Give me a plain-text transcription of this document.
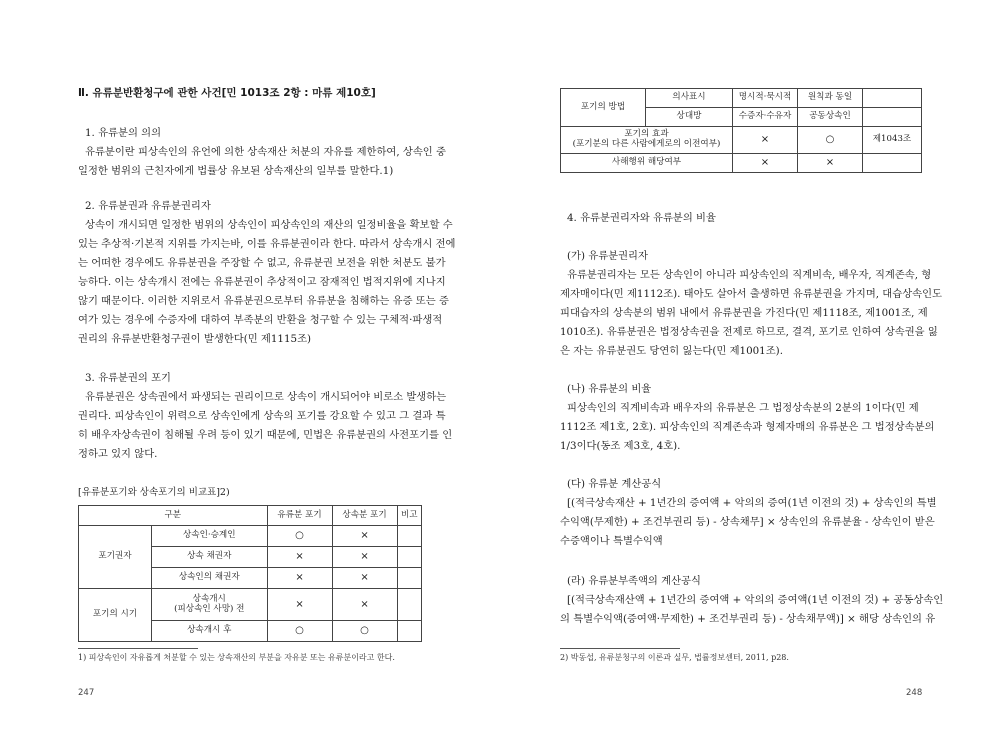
Ⅱ. 유류분반환청구에 관한 사건[민 1013조 2항 : 마류 제10호]
1. 유류분의 의의
유류분이란 피상속인의 유언에 의한 상속재산 처분의 자유를 제한하여, 상속인 중
일정한 범위의 근친자에게 법률상 유보된 상속재산의 일부를 말한다.1)
2. 유류분권과 유류분권리자
상속이 개시되면 일정한 범위의 상속인이 피상속인의 재산의 일정비율을 확보할 수
있는 추상적·기본적 지위를 가지는바, 이를 유류분권이라 한다. 따라서 상속개시 전에
는 어떠한 경우에도 유류분권을 주장할 수 없고, 유류분권 보전을 위한 처분도 불가
능하다. 이는 상속개시 전에는 유류분권이 추상적이고 잠재적인 법적지위에 지나지
않기 때문이다. 이러한 지위로서 유류분권으로부터 유류분을 침해하는 유증 또는 증
여가 있는 경우에 수증자에 대하여 부족분의 반환을 청구할 수 있는 구체적·파생적
권리의 유류분반환청구권이 발생한다(민 제1115조)
3. 유류분권의 포기
유류분권은 상속권에서 파생되는 권리이므로 상속이 개시되어야 비로소 발생하는
권리다. 피상속인이 위력으로 상속인에게 상속의 포기를 강요할 수 있고 그 결과 특
히 배우자상속권이 침해될 우려 등이 있기 때문에, 민법은 유류분권의 사전포기를 인
정하고 있지 않다.
[유류분포기와 상속포기의 비교표]2)
구분		유류분 포기	상속분 포기	비고
포기권자	상속인·승계인	○	×	
	상속 채권자	×	×	
	상속인의 채권자	×	×	
포기의 시기	상속개시
(피상속인 사망) 전	×	×	
	상속개시 후	○	○	
1) 피상속인이 자유롭게 처분할 수 있는 상속재산의 부분을 자유분 또는 유류분이라고 한다.
247
포기의 방법	의사표시	명시적·묵시적	원칙과 동일	
	상대방	수증자·수유자	공동상속인	

포기의 효과
(포기분의 다른 사람에게로의 이전여부)		×	○	제1043조
사해행위 해당여부		×	×	
4. 유류분권리자와 유류분의 비율
(가) 유류분권리자
유류분권리자는 모든 상속인이 아니라 피상속인의 직계비속, 배우자, 직계존속, 형
제자매이다(민 제1112조). 태아도 살아서 출생하면 유류분권을 가지며, 대습상속인도
피대습자의 상속분의 범위 내에서 유류분권을 가진다(민 제1118조, 제1001조, 제
1010조). 유류분권은 법정상속권을 전제로 하므로, 결격, 포기로 인하여 상속권을 잃
은 자는 유류분권도 당연히 잃는다(민 제1001조).
(나) 유류분의 비율
피상속인의 직계비속과 배우자의 유류분은 그 법정상속분의 2분의 1이다(민 제
1112조 제1호, 2호). 피상속인의 직계존속과 형제자매의 유류분은 그 법정상속분의
1/3이다(동조 제3호, 4호).
(다) 유류분 계산공식
[(적극상속재산 + 1년간의 증여액 + 악의의 증여(1년 이전의 것) + 상속인의 특별
수익액(무제한) + 조건부권리 등) - 상속채무] × 상속인의 유류분율 - 상속인이 받은
수증액이나 특별수익액
(라) 유류분부족액의 계산공식
[(적극상속재산액 + 1년간의 증여액 + 악의의 증여액(1년 이전의 것) + 공동상속인
의 특별수익액(증여액·무제한) + 조건부권리 등) - 상속채무액)] × 해당 상속인의 유
2) 박동섭, 유류분청구의 이론과 실무, 법률정보센터, 2011, p28.
248
